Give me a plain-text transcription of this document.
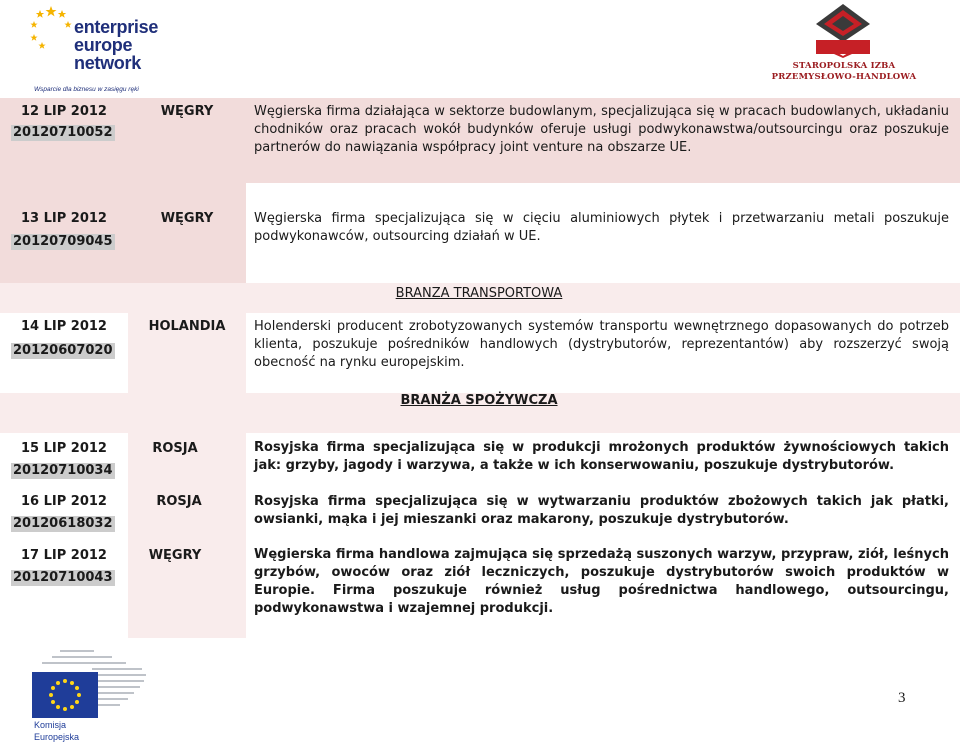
enterprise
europe
network
Wsparcie dla biznesu w zasięgu ręki
STAROPOLSKA IZBA
PRZEMYSŁOWO-HANDLOWA
12 LIP 2012
20120710052
WĘGRY	Węgierska firma działająca w sektorze budowlanym, specjalizująca się w pracach budowlanych, układaniu chodników oraz pracach wokół budynków oferuje usługi podwykonawstwa/outsourcingu oraz poszukuje partnerów do nawiązania współpracy joint venture na obszarze UE.
13 LIP 2012
20120709045
WĘGRY	Węgierska firma specjalizująca się w cięciu aluminiowych płytek i przetwarzaniu metali poszukuje podwykonawców, outsourcing działań w UE.
BRANZA TRANSPORTOWA
14 LIP 2012
20120607020
HOLANDIA	Holenderski producent zrobotyzowanych systemów transportu wewnętrznego dopasowanych do potrzeb klienta, poszukuje pośredników handlowych (dystrybutorów, reprezentantów) aby rozszerzyć swoją obecność na rynku europejskim.
BRANŻA SPOŻYWCZA
15 LIP 2012
20120710034
ROSJA	Rosyjska firma specjalizująca się w produkcji mrożonych produktów żywnościowych takich jak: grzyby, jagody i warzywa, a także w ich konserwowaniu, poszukuje dystrybutorów.
16 LIP 2012
20120618032
ROSJA	Rosyjska firma specjalizująca się w wytwarzaniu produktów zbożowych takich jak płatki, owsianki, mąka i jej mieszanki oraz makarony, poszukuje dystrybutorów.
17 LIP 2012
20120710043
WĘGRY	Węgierska firma handlowa zajmująca się sprzedażą suszonych warzyw, przypraw, ziół, leśnych grzybów, owoców oraz ziół leczniczych, poszukuje dystrybutorów swoich produktów w Europie. Firma poszukuje również usług pośrednictwa handlowego, outsourcingu, podwykonawstwa i wzajemnej produkcji.
Komisja
Europejska
3
